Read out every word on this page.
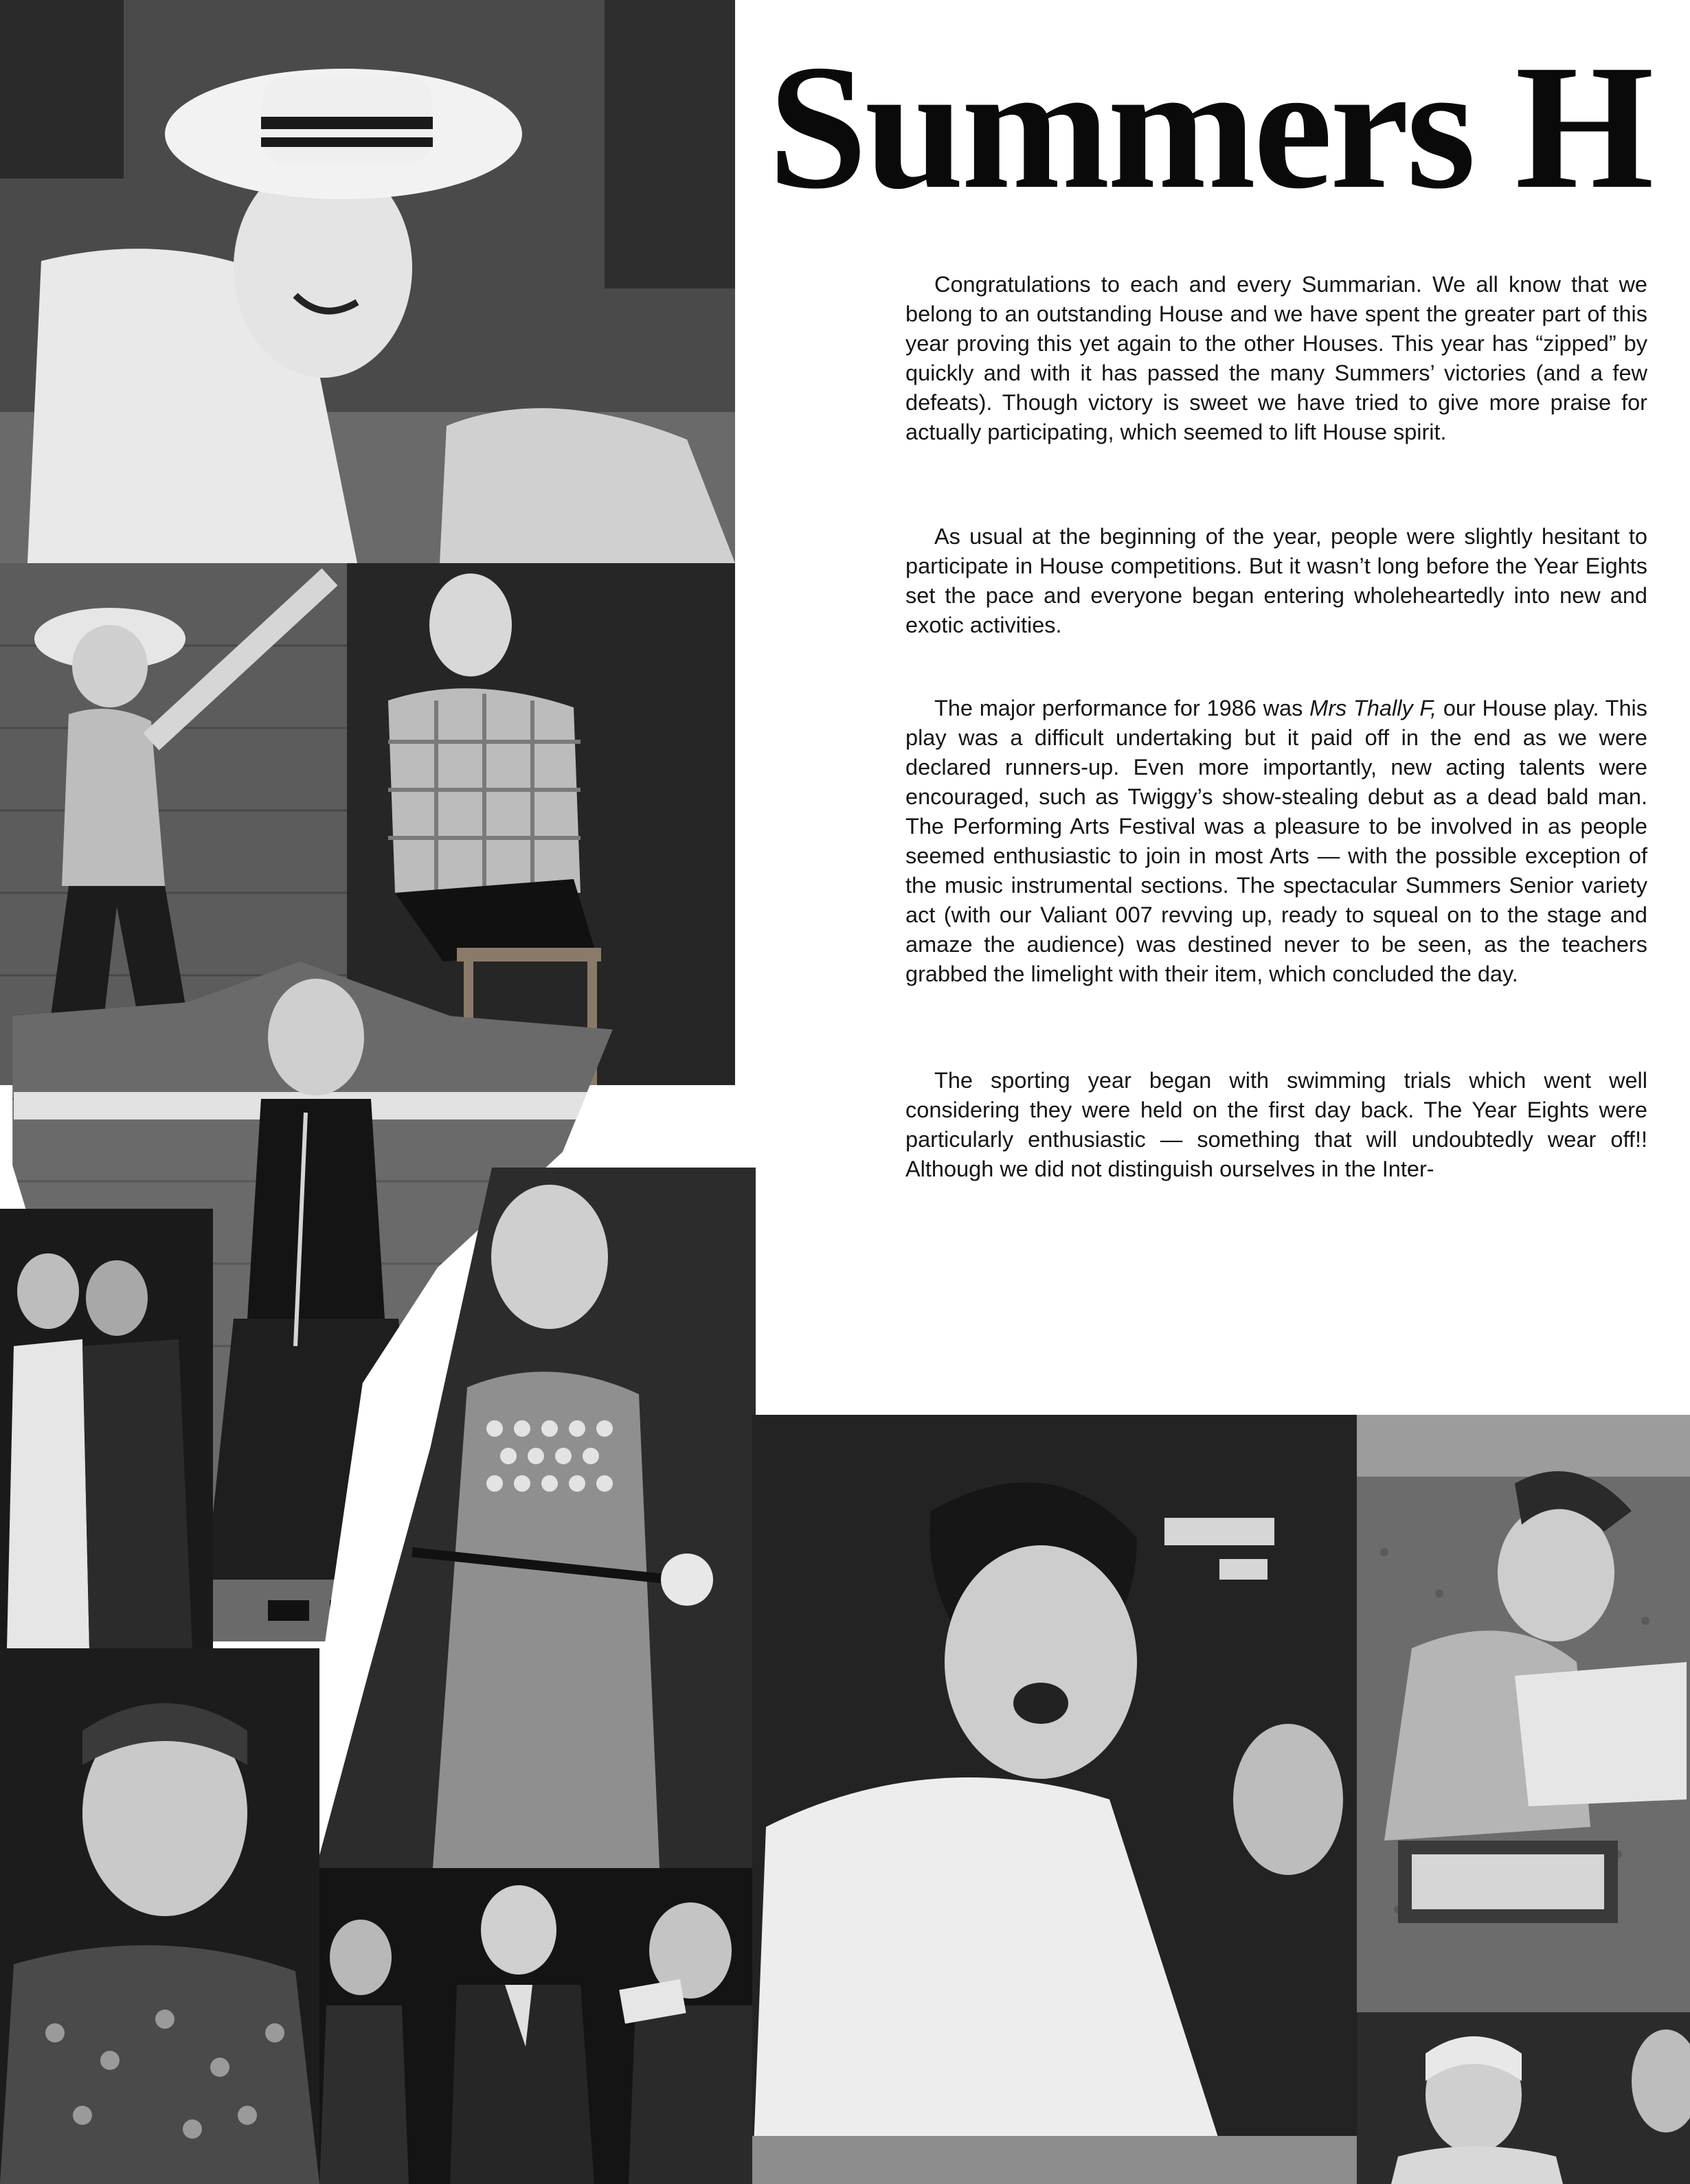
Summers H

Congratulations to each and every Summarian. We all know that we belong to an outstanding House and we have spent the greater part of this year proving this yet again to the other Houses. This year has “zipped” by quickly and with it has passed the many Summers’ victories (and a few defeats). Though victory is sweet we have tried to give more praise for actually participating, which seemed to lift House spirit.

As usual at the beginning of the year, people were slightly hesitant to participate in House competitions. But it wasn’t long before the Year Eights set the pace and everyone began entering wholeheartedly into new and exotic activities.

The major performance for 1986 was Mrs Thally F, our House play. This play was a difficult undertaking but it paid off in the end as we were declared runners-up. Even more importantly, new acting talents were encouraged, such as Twiggy’s show-stealing debut as a dead bald man. The Performing Arts Festival was a pleasure to be involved in as people seemed enthusiastic to join in most Arts — with the possible exception of the music instrumental sections. The spectacular Summers Senior variety act (with our Valiant 007 revving up, ready to squeal on to the stage and amaze the audience) was destined never to be seen, as the teachers grabbed the limelight with their item, which concluded the day.

The sporting year began with swimming trials which went well considering they were held on the first day back. The Year Eights were particularly enthusiastic — something that will undoubtedly wear off!! Although we did not distinguish ourselves in the Inter-
